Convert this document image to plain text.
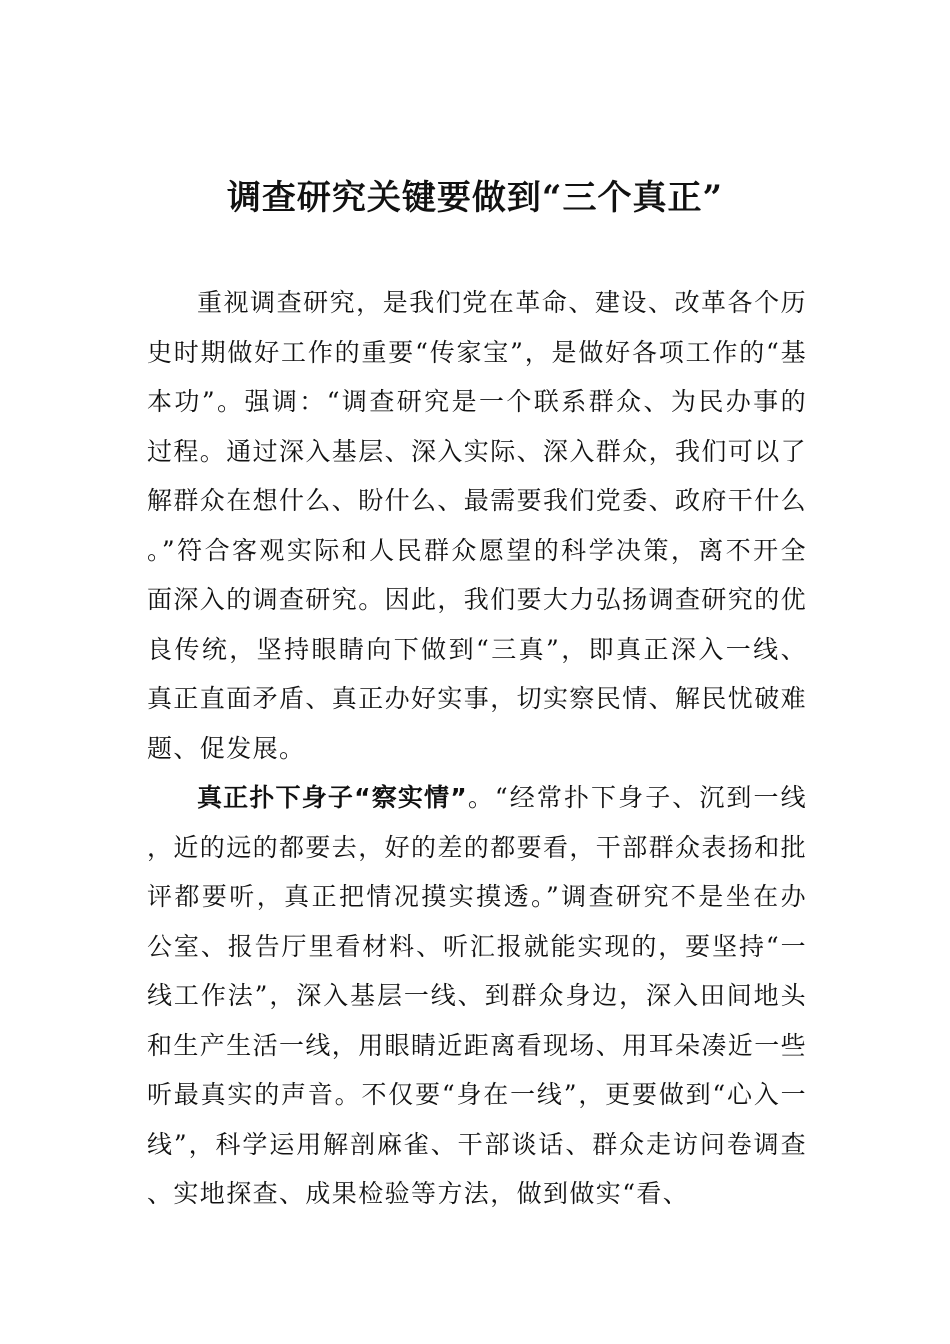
调查研究关键要做到“三个真正”

重视调查研究，是我们党在革命、建设、改革各个历史时期做好工作的重要“传家宝”，是做好各项工作的“基本功”。强调：“调查研究是一个联系群众、为民办事的过程。通过深入基层、深入实际、深入群众，我们可以了解群众在想什么、盼什么、最需要我们党委、政府干什么。”符合客观实际和人民群众愿望的科学决策，离不开全面深入的调查研究。因此，我们要大力弘扬调查研究的优良传统，坚持眼睛向下做到“三真”，即真正深入一线、真正直面矛盾、真正办好实事，切实察民情、解民忧破难题、促发展。

真正扑下身子“察实情”。“经常扑下身子、沉到一线，近的远的都要去，好的差的都要看，干部群众表扬和批评都要听，真正把情况摸实摸透。”调查研究不是坐在办公室、报告厅里看材料、听汇报就能实现的，要坚持“一线工作法”，深入基层一线、到群众身边，深入田间地头和生产生活一线，用眼睛近距离看现场、用耳朵凑近一些听最真实的声音。不仅要“身在一线”，更要做到“心入一线”，科学运用解剖麻雀、干部谈话、群众走访问卷调查、实地探查、成果检验等方法，做到做实“看、
